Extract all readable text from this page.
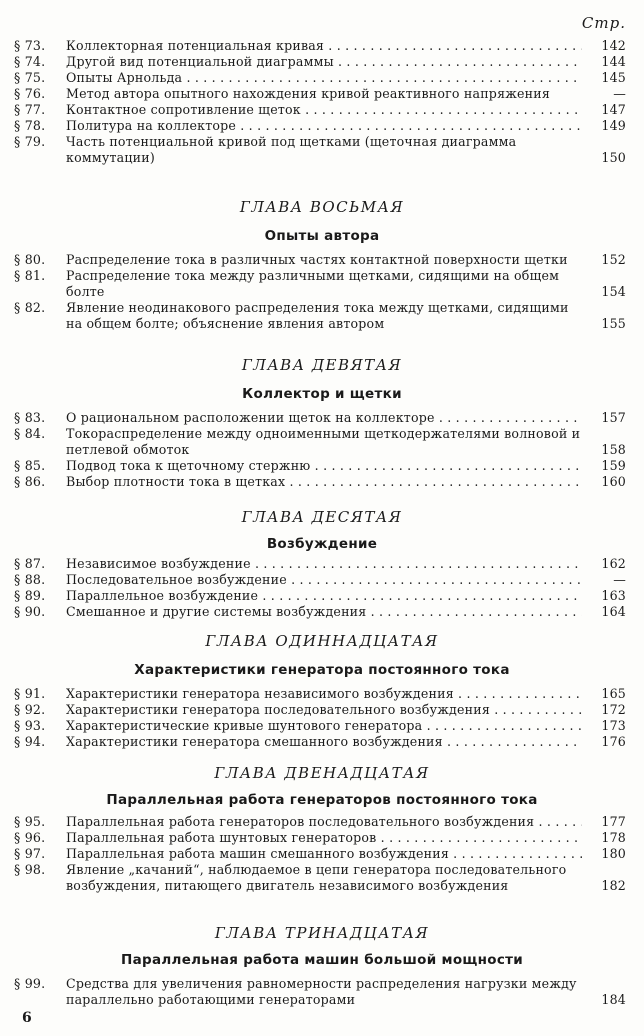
Стр.
§ 73.	Коллекторная потенциальная кривая . . .	142
§ 74.	Другой вид потенциальной диаграммы . . .	144
§ 75.	Опыты Арнольда . . .	145
§ 76.	Метод автора опытного нахождения кривой реактивного напряжения	—
§ 77.	Контактное сопротивление щеток . . .	147
§ 78.	Политура на коллекторе . . .	149
§ 79.	Часть потенциальной кривой под щетками (щеточная диаграмма коммутации)	150
ГЛАВА ВОСЬМАЯ
Опыты автора
§ 80.	Распределение тока в различных частях контактной поверхности щетки	152
§ 81.	Распределение тока между различными щетками, сидящими на общем болте	154
§ 82.	Явление неодинакового распределения тока между щетками, сидящими на общем болте; объяснение явления автором	155
ГЛАВА ДЕВЯТАЯ
Коллектор и щетки
§ 83.	О рациональном расположении щеток на коллекторе . . .	157
§ 84.	Токораспределение между одноименными щеткодержателями волновой и петлевой обмоток	158
§ 85.	Подвод тока к щеточному стержню . . .	159
§ 86.	Выбор плотности тока в щетках . . .	160
ГЛАВА ДЕСЯТАЯ
Возбуждение
§ 87.	Независимое возбуждение . . .	162
§ 88.	Последовательное возбуждение . . .	—
§ 89.	Параллельное возбуждение . . .	163
§ 90.	Смешанное и другие системы возбуждения . . .	164
ГЛАВА ОДИННАДЦАТАЯ
Характеристики генератора постоянного тока
§ 91.	Характеристики генератора независимого возбуждения . . .	165
§ 92.	Характеристики генератора последовательного возбуждения . . .	172
§ 93.	Характеристические кривые шунтового генератора . . .	173
§ 94.	Характеристики генератора смешанного возбуждения . . .	176
ГЛАВА ДВЕНАДЦАТАЯ
Параллельная работа генераторов постоянного тока
§ 95.	Параллельная работа генераторов последовательного возбуждения . . .	177
§ 96.	Параллельная работа шунтовых генераторов . . .	178
§ 97.	Параллельная работа машин смешанного возбуждения . . .	180
§ 98.	Явление „качаний“, наблюдаемое в цепи генератора последовательного возбуждения, питающего двигатель независимого возбуждения	182
ГЛАВА ТРИНАДЦАТАЯ
Параллельная работа машин большой мощности
§ 99.	Средства для увеличения равномерности распределения нагрузки между параллельно работающими генераторами	184
6
